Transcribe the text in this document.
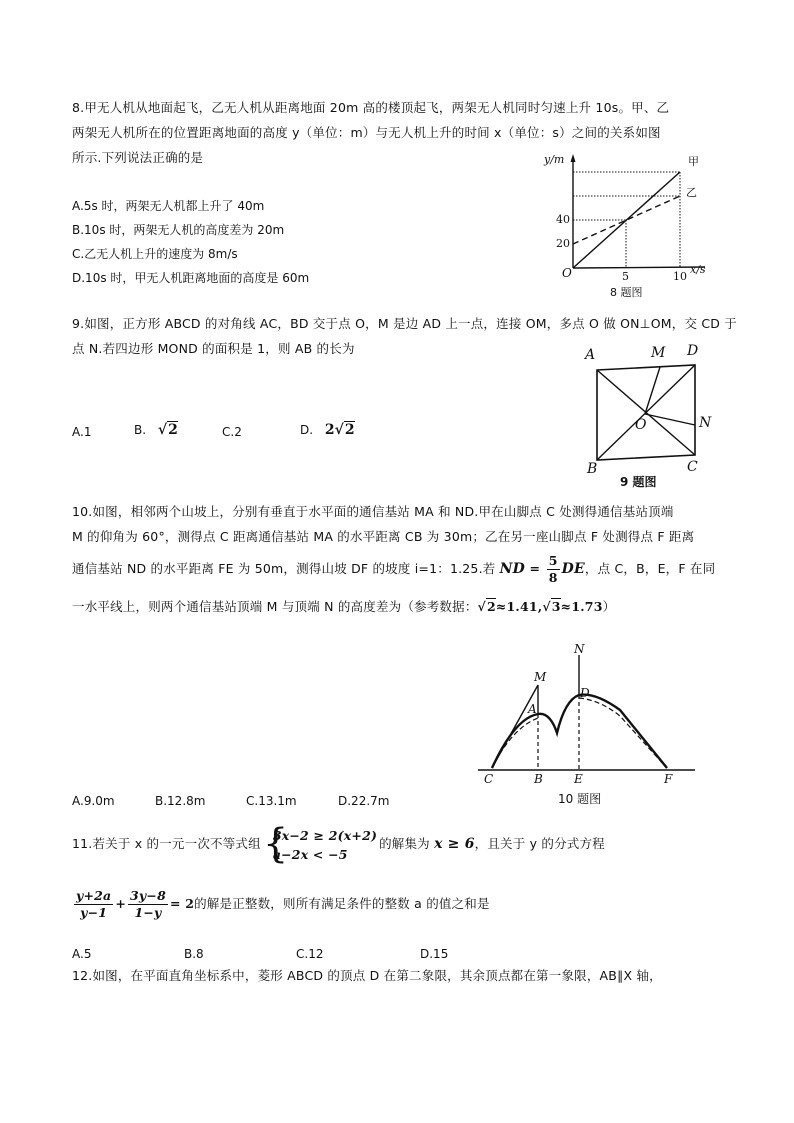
8.甲无人机从地面起飞，乙无人机从距离地面 20m 高的楼顶起飞，两架无人机同时匀速上升 10s。甲、乙
两架无人机所在的位置距离地面的高度 y（单位：m）与无人机上升的时间 x（单位：s）之间的关系如图
所示.下列说法正确的是
A.5s 时，两架无人机都上升了 40m
B.10s 时，两架无人机的高度差为 20m
C.乙无人机上升的速度为 8m/s
D.10s 时，甲无人机距离地面的高度是 60m
y/m	甲
乙
40
20
O	5	10
x/s
8 题图
9.如图，正方形 ABCD 的对角线 AC，BD 交于点 O，M 是边 AD 上一点，连接 OM，多点 O 做 ON⊥OM，交 CD 于
点 N.若四边形 MOND 的面积是 1，则 AB 的长为
A.1	B. √2	C.2	D. 2√2
A	M D
O	N
B	C
9 题图
10.如图，相邻两个山坡上，分别有垂直于水平面的通信基站 MA 和 ND.甲在山脚点 C 处测得通信基站顶端
M 的仰角为 60°，测得点 C 距离通信基站 MA 的水平距离 CB 为 30m；乙在另一座山脚点 F 处测得点 F 距离
通信基站 ND 的水平距离 FE 为 50m，测得山坡 DF 的坡度 i=1：1.25.若 ND = $\frac{5}{8}$ DE，点 C，B，E，F 在同
一水平线上，则两个通信基站顶端 M 与顶端 N 的高度差为（参考数据：√2≈1.41,√3≈1.73）
M
N
A
D
C	B	E	F
10 题图
A.9.0m	B.12.8m	C.13.1m	D.22.7m
11.若关于 x 的一元一次不等式组 {
3x−2 ≥ 2(x+2)
a−2x < −5
的解集为 x ≥ 6，且关于 y 的分式方程
$\frac{y+2a}{y-1} + \frac{3y-8}{1-y} = 2$的解是正整数，则所有满足条件的整数 a 的值之和是
A.5	B.8	C.12	D.15
12.如图，在平面直角坐标系中，菱形 ABCD 的顶点 D 在第二象限，其余顶点都在第一象限，AB∥X 轴，
